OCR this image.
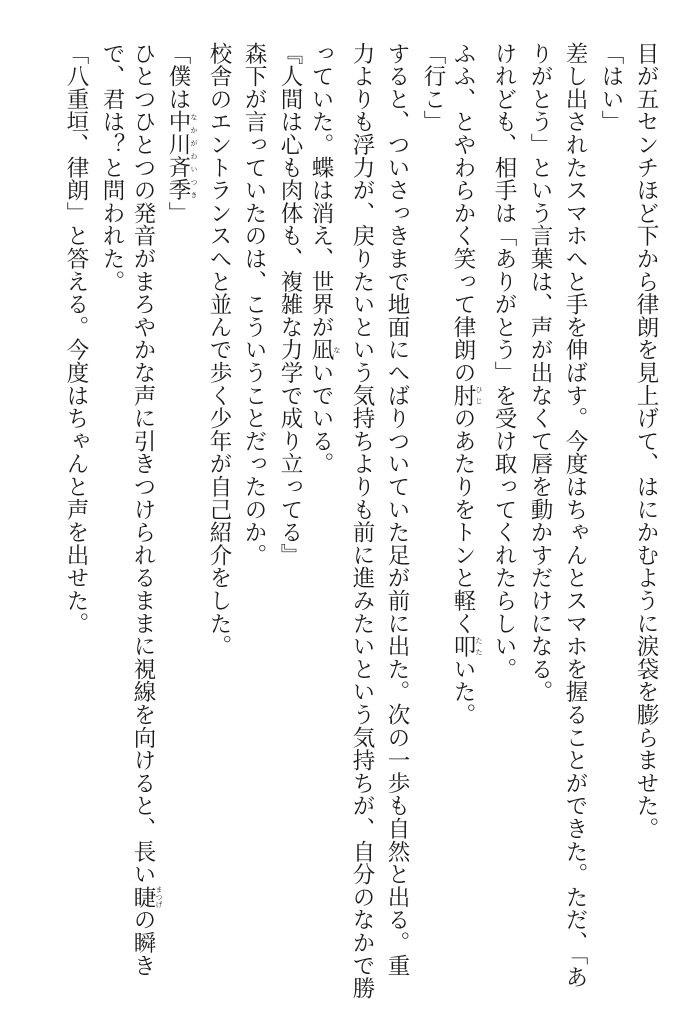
目が五センチほど下から律朗を見上げて、はにかむように涙袋を膨らませた。
「はい」
差し出されたスマホへと手を伸ばす。今度はちゃんとスマホを握ることができた。ただ、「あ
りがとう」という言葉は、声が出なくて唇を動かすだけになる。
けれども、相手は「ありがとう」を受け取ってくれたらしい。
ふふ、とやわらかく笑って律朗の肘 ひじのあたりをトンと軽く叩 たたいた。
「行こ」
すると、ついさっきまで地面にへばりついていた足が前に出た。次の一歩も自然と出る。重
力よりも浮力が、戻りたいという気持ちよりも前に進みたいという気持ちが、自分のなかで勝
っていた。蝶は消え、世界が凪 ないでいる。
『人間は心も肉体も、複雑な力学で成り立ってる』
森下が言っていたのは、こういうことだったのか。
校舎のエントランスへと並んで歩く少年が自己紹介をした。
「僕は中川斉季 なかがわいつき」
ひとつひとつの発音がまろやかな声に引きつけられるままに視線を向けると、長い睫 まつげの瞬き
で、君は？と問われた。
「八重垣、律朗」と答える。今度はちゃんと声を出せた。
